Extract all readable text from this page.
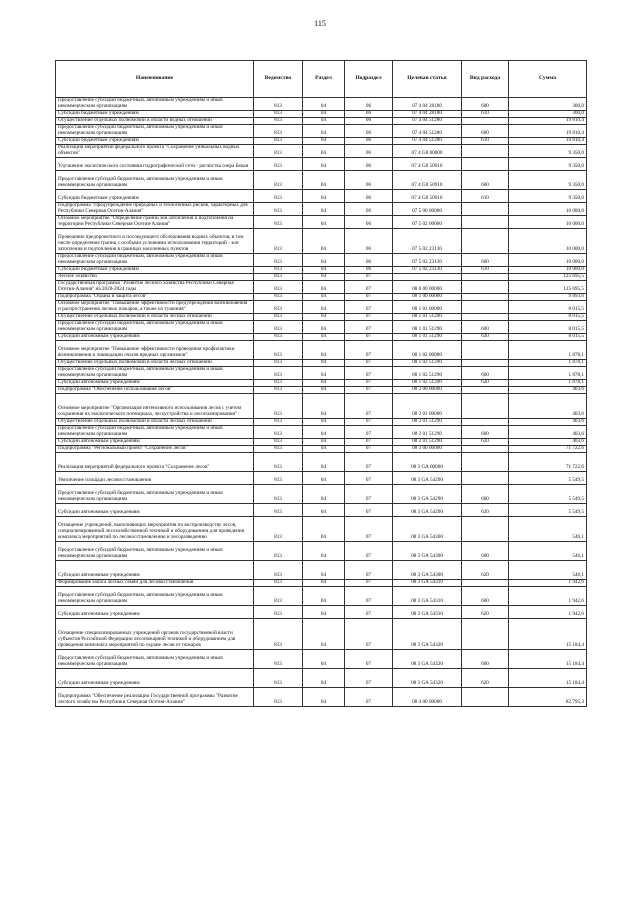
115
Наименование	Ведомство	Раздел	Подраздел	Целевая статья	Вид расхода	Сумма
Предоставление субсидий бюджетным, автономным учреждениям и иным некоммерческим организациям	813	04	06	07 4 04 28180	600	300,0
Субсидии бюджетным учреждениям	813	04	06	07 4 04 28180	610	300,0
Осуществление отдельных полномочий в области водных отношений	813	04	06	07 4 04 51280		19 810,4
Предоставление субсидий бюджетным, автономным учреждениям и иным некоммерческим организациям	813	04	06	07 4 04 51280	600	19 810,4
Субсидии бюджетным учреждениям	813	04	06	07 4 04 51280	610	19 810,4
Реализация мероприятий федерального проекта "Сохранение уникальных водных объектов"	813	04	06	07 4 G8 00000		9 350,0
Улучшение экологического состояния гидрографической сети - расчистка озера Бекан	813	04	06	07 4 G8 50910		9 350,0
Предоставление субсидий бюджетным, автономным учреждениям и иным некоммерческим организациям	813	04	06	07 4 G8 50910	600	9 350,0
Субсидии бюджетным учреждениям	813	04	06	07 4 G8 50910	610	9 350,0
Подпрограмма "Предупреждение природных и техногенных рисков, характерных для Республики Северная Осетия-Алания"	813	04	06	07 5 00 00000		10 000,0
Основное мероприятие "Определение границ зон затопления и подтопления на территории Республики Северная Осетия-Алания"	813	04	06	07 5 02 00000		10 000,0
Проведение предпроектного и последующего обследования водных объектов, в том числе определение границ с особыми условиями использования территорий - зон затопления и подтопления в границах населенных пунктов	813	04	06	07 5 02 23130		10 000,0
Предоставление субсидий бюджетным, автономным учреждениям и иным некоммерческим организациям	813	04	06	07 5 02 23130	600	10 000,0
Субсидии бюджетным учреждениям	813	04	06	07 5 02 23130	610	10 000,0
Лесное хозяйство	813	04	07			125 695,5
Государственная программа "Развитие лесного хозяйства Республики Северная Осетия-Алания" на 2020-2024 годы	813	04	07	08 0 00 00000		125 695,5
Подпрограмма "Охрана и защита лесов"	813	04	07	08 1 00 00000		9 893,6
Основное мероприятие "Повышение эффективности предупреждения возникновения и распространения лесных пожаров, а также их тушения"	813	04	07	08 1 01 00000		8 015,5
Осуществление отдельных полномочий в области лесных отношений	813	04	07	08 1 01 51290		8 015,5
Предоставление субсидий бюджетным, автономным учреждениям и иным некоммерческим организациям	813	04	07	08 1 01 51290	600	8 015,5
Субсидии автономным учреждениям	813	04	07	08 1 01 51290	620	8 015,5
Основное мероприятие "Повышение эффективности проведения профилактики возникновения и ликвидации очагов вредных организмов"	813	04	07	08 1 02 00000		1 878,1
Осуществление отдельных полномочий в области лесных отношений	813	04	07	08 1 02 51290		1 878,1
Предоставление субсидий бюджетным, автономным учреждениям и иным некоммерческим организациям	813	04	07	08 1 02 51290	600	1 878,1
Субсидии автономным учреждениям	813	04	07	08 1 02 51290	620	1 878,1
Подпрограмма "Обеспечение использования лесов"	813	04	07	08 2 00 00000		403,6
Основное мероприятие "Организация интенсивного использования лесов с учетом сохранения их экологического потенциала, лесоустройства и лесопланирования"	813	04	07	08 2 01 00000		403,6
Осуществление отдельных полномочий в области лесных отношений	813	04	07	08 2 01 51290		403,6
Предоставление субсидий бюджетным, автономным учреждениям и иным некоммерческим организациям	813	04	07	08 2 01 51290	600	403,6
Субсидии автономным учреждениям	813	04	07	08 2 01 51290	620	403,6
Подпрограмма "Региональный проект "Сохранение лесов"	813	04	07	08 3 00 00000		71 722,6
Реализация мероприятий федерального проекта "Сохранение лесов"	813	04	07	08 3 GA 00000		71 722,6
Увеличение площади лесовосстановления	813	04	07	08 3 GA 54290		5 549,5
Предоставление субсидий бюджетным, автономным учреждениям и иным некоммерческим организациям	813	04	07	08 3 GA 54290	600	5 549,5
Субсидии автономным учреждениям	813	04	07	08 3 GA 54290	620	5 549,5
Оснащение учреждений, выполняющих мероприятия по воспроизводству лесов, специализированной лесохозяйственной техникой и оборудованием для проведения комплекса мероприятий по лесовосстановлению и лесоразведению	813	04	07	08 3 GA 54300		546,1
Предоставление субсидий бюджетным, автономным учреждениям и иным некоммерческим организациям	813	04	07	08 3 GA 54300	600	546,1
Субсидии автономным учреждениям	813	04	07	08 3 GA 54300	620	546,1
Формирование запаса лесных семян для лесовосстановления	813	04	07	08 3 GA 54310		1 942,6
Предоставление субсидий бюджетным, автономным учреждениям и иным некоммерческим организациям	813	04	07	08 3 GA 54310	600	1 942,6
Субсидии автономным учреждениям	813	04	07	08 3 GA 54310	620	1 942,6
Оснащение специализированных учреждений органов государственной власти субъектов Российской Федерации лесопожарной техникой и оборудованием для проведения комплекса мероприятий по охране лесов от пожаров	813	04	07	08 3 GA 54320		15 184,4
Предоставление субсидий бюджетным, автономным учреждениям и иным некоммерческим организациям	813	04	07	08 3 GA 54320	600	15 184,4
Субсидии автономным учреждениям	813	04	07	08 3 GA 54320	620	15 184,4
Подпрограмма "Обеспечение реализации Государственной программы "Развитие лесного хозяйства Республики Северная Осетия-Алания"	813	04	07	08 4 00 00000		82 795,3
